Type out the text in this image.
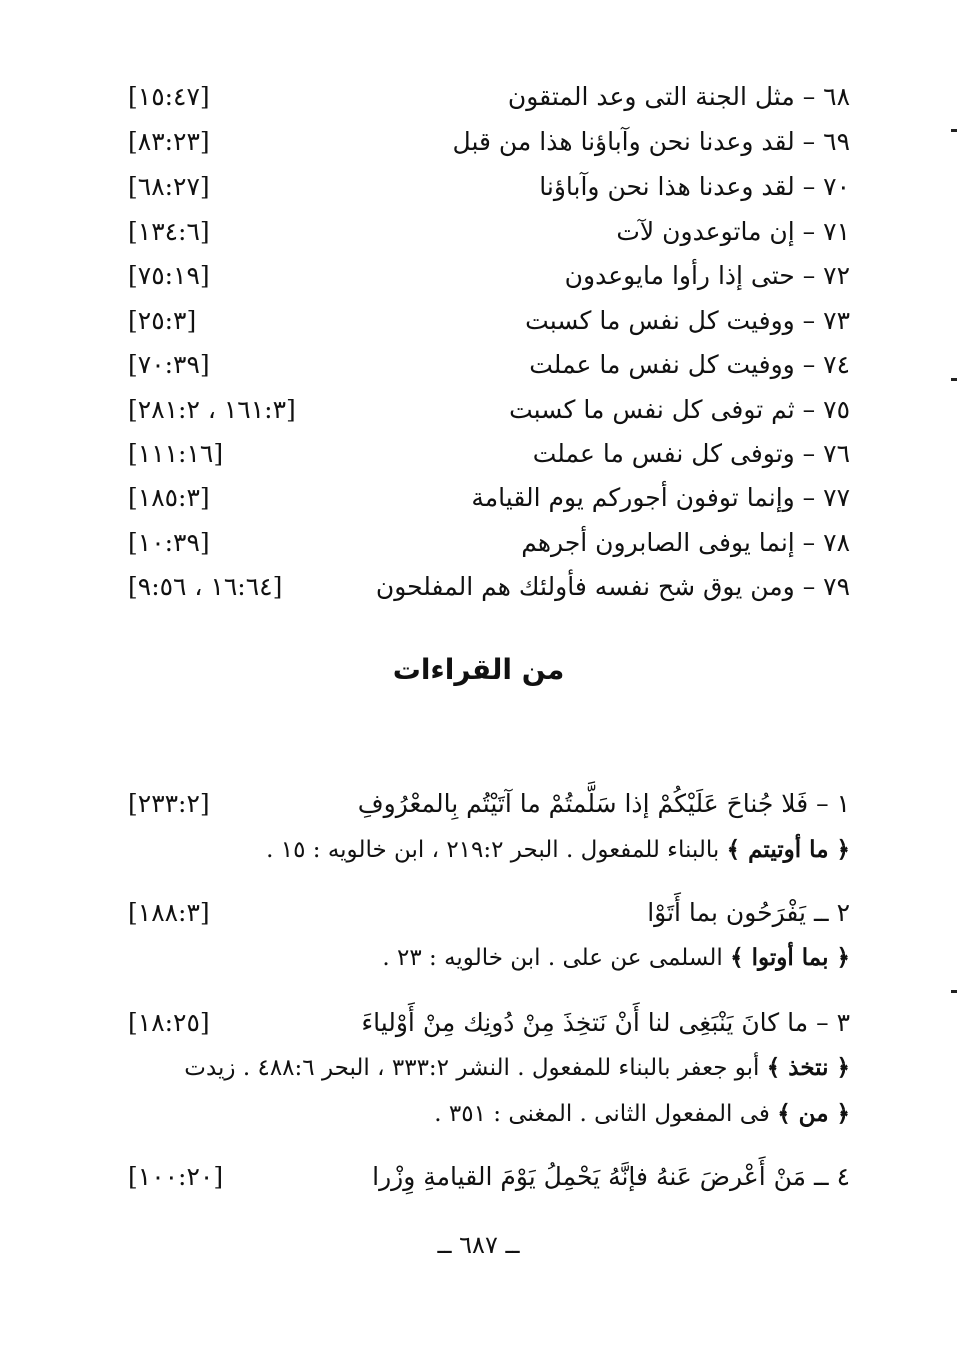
٦٨ – مثل الجنة التى وعد المتقون
[١٥:٤٧]
٦٩ – لقد وعدنا نحن وآباؤنا هذا من قبل
[٨٣:٢٣]
٧٠ – لقد وعدنا هذا نحن وآباؤنا
[٦٨:٢٧]
٧١ – إن ماتوعدون لآت
[١٣٤:٦]
٧٢ – حتى إذا رأوا مايوعدون
[٧٥:١٩]
٧٣ – ووفيت كل نفس ما كسبت
[٢٥:٣]
٧٤ – ووفيت كل نفس ما عملت
[٧٠:٣٩]
٧٥ – ثم توفى كل نفس ما كسبت
[١٦١:٣ ، ٢٨١:٢]
٧٦ – وتوفى كل نفس ما عملت
[١١١:١٦]
٧٧ – وإنما توفون أجوركم يوم القيامة
[١٨٥:٣]
٧٨ – إنما يوفى الصابرون أجرهم
[١٠:٣٩]
٧٩ – ومن يوق شح نفسه فأولئك هم المفلحون
[١٦:٦٤ ، ٩:٥٦]
من القراءات
١ – فَلا جُناحَ عَلَيْكُمْ إذا سَلَّمتُمْ ما آتَيْتُم بِالمعْرُوفِ
[٢٣٣:٢]
﴿ ما أوتيتم ﴾ بالبناء للمفعول . البحر ٢١٩:٢ ، ابن خالويه : ١٥ .
٢ ــ يَفْرَحُون بما أَتَوْا
[١٨٨:٣]
﴿ بما أوتوا ﴾ السلمى عن على . ابن خالويه : ٢٣ .
٣ – ما كانَ يَنْبَغِى لنا أَنْ نَتخِذَ مِنْ دُونِك مِنْ أَوْلياءَ
[١٨:٢٥]
﴿ نتخذ ﴾ أبو جعفر بالبناء للمفعول . النشر ٣٣٣:٢ ، البحر ٤٨٨:٦ . زيدت
﴿ من ﴾ فى المفعول الثانى . المغنى : ٣٥١ .
٤ ــ مَنْ أَعْرضَ عَنهُ فإنَّهُ يَحْمِلُ يَوْمَ القيامةِ وِزْرا
[١٠٠:٢٠]
ــ ٦٨٧ ــ
